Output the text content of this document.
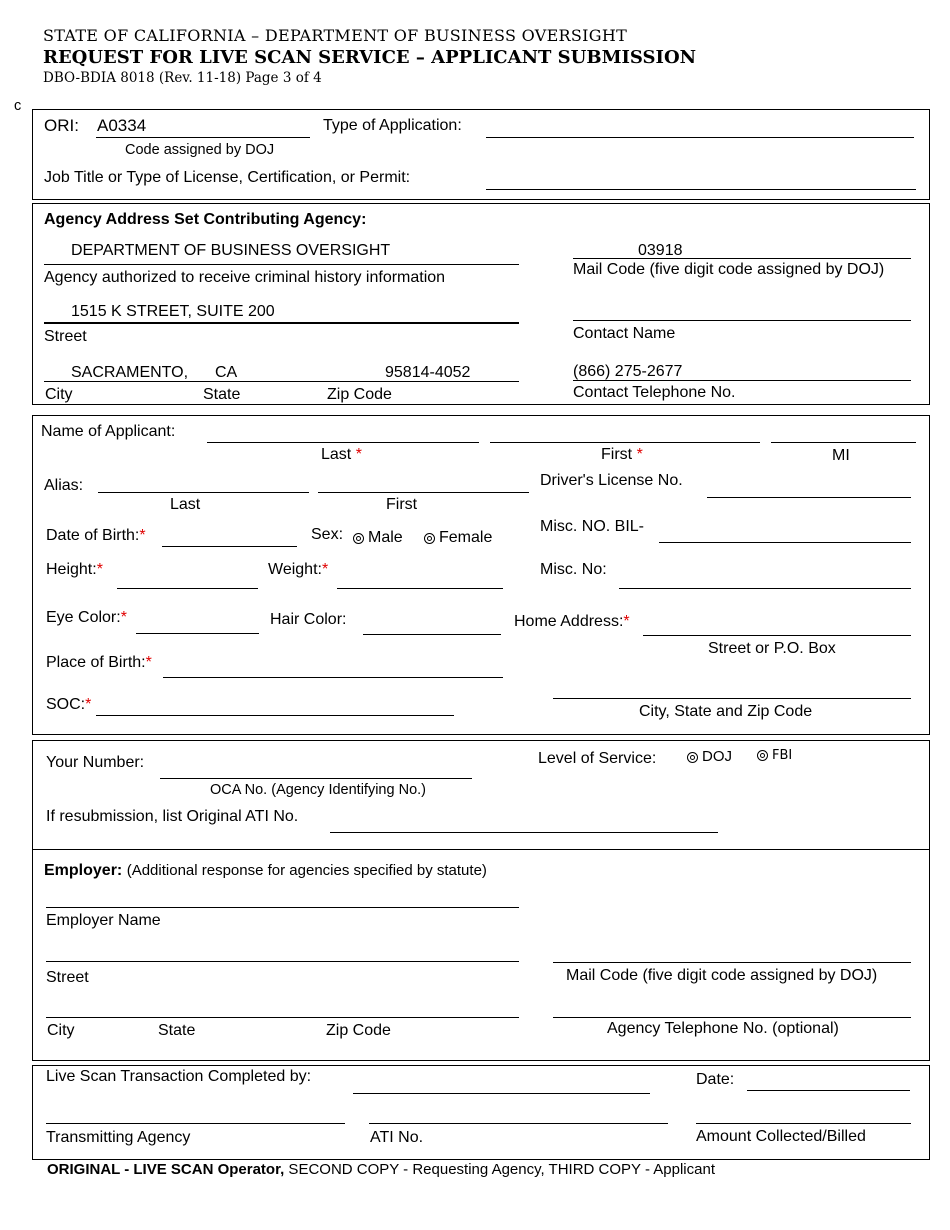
STATE OF CALIFORNIA – DEPARTMENT OF BUSINESS OVERSIGHT
REQUEST FOR LIVE SCAN SERVICE – APPLICANT SUBMISSION
DBO-BDIA 8018 (Rev. 11-18) Page 3 of 4
c
ORI: A0334
Code assigned by DOJ
Type of Application:
Job Title or Type of License, Certification, or Permit:
Agency Address Set Contributing Agency:
DEPARTMENT OF BUSINESS OVERSIGHT
Agency authorized to receive criminal history information
03918
Mail Code (five digit code assigned by DOJ)
1515 K STREET, SUITE 200
Street	Contact Name
SACRAMENTO, CA	95814-4052
City	State	Zip Code
(866) 275-2677
Contact Telephone No.
Name of Applicant:
Last *	First *	MI
Alias:
Last	First
Driver's License No.
Date of Birth:*	Sex:	Male	Female
Misc. NO. BIL-
Height:*	Weight:*	Misc. No:
Eye Color:*	Hair Color:	Home Address:*
Street or P.O. Box
Place of Birth:*
SOC:*	City, State and Zip Code
Your Number:
OCA No. (Agency Identifying No.)
Level of Service:	DOJ	FBI
If resubmission, list Original ATI No.
Employer: (Additional response for agencies specified by statute)
Employer Name
Street	Mail Code (five digit code assigned by DOJ)
City	State	Zip Code	Agency Telephone No. (optional)
Live Scan Transaction Completed by:	Date:
Transmitting Agency	ATI No.	Amount Collected/Billed
ORIGINAL - LIVE SCAN Operator, SECOND COPY - Requesting Agency, THIRD COPY - Applicant
